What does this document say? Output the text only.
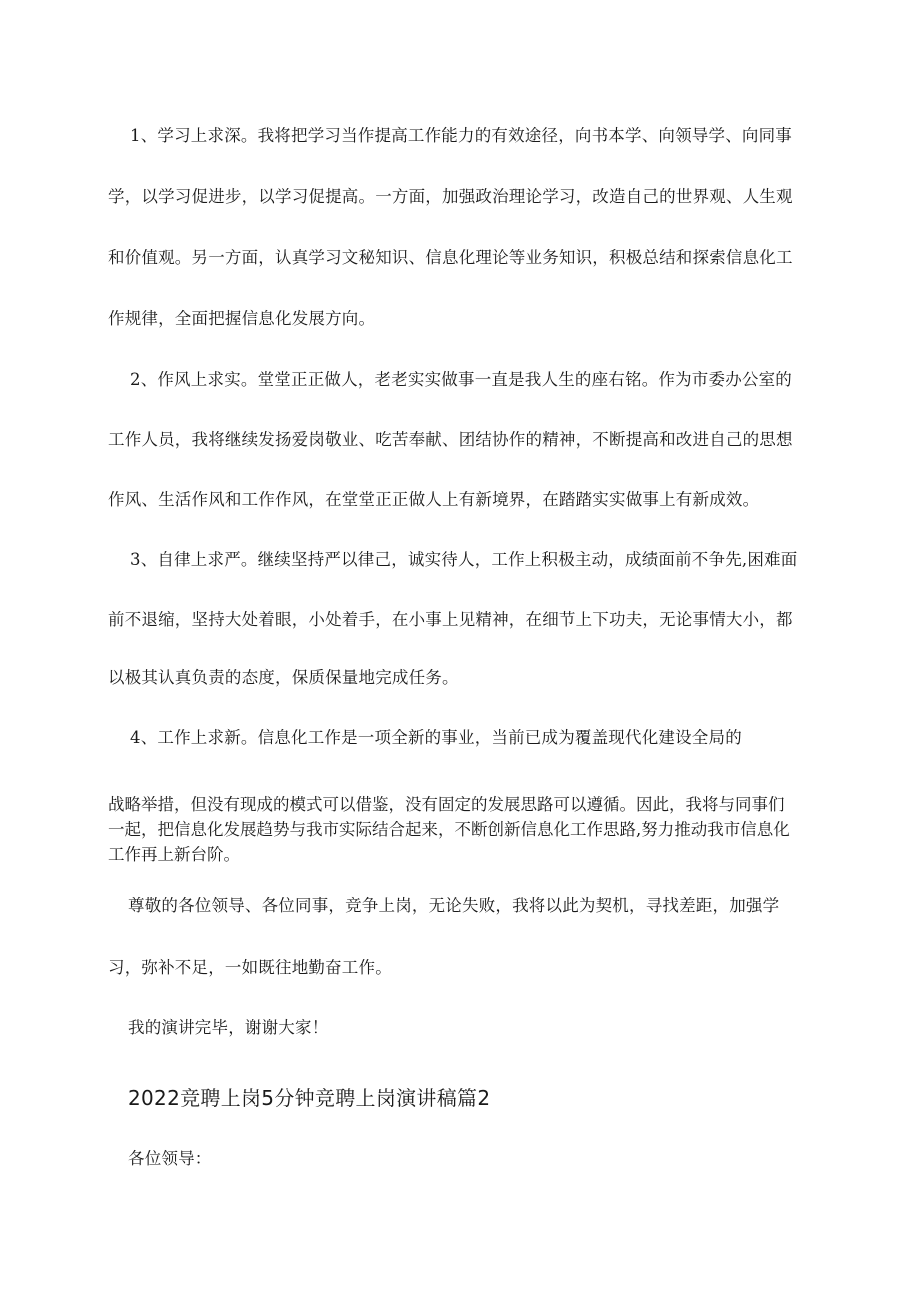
1、学习上求深。我将把学习当作提高工作能力的有效途径，向书本学、向领导学、向同事
学，以学习促进步，以学习促提高。一方面，加强政治理论学习，改造自己的世界观、人生观
和价值观。另一方面，认真学习文秘知识、信息化理论等业务知识，积极总结和探索信息化工
作规律，全面把握信息化发展方向。
2、作风上求实。堂堂正正做人，老老实实做事一直是我人生的座右铭。作为市委办公室的
工作人员，我将继续发扬爱岗敬业、吃苦奉献、团结协作的精神，不断提高和改进自己的思想
作风、生活作风和工作作风，在堂堂正正做人上有新境界，在踏踏实实做事上有新成效。
3、自律上求严。继续坚持严以律己，诚实待人，工作上积极主动，成绩面前不争先,困难面
前不退缩，坚持大处着眼，小处着手，在小事上见精神，在细节上下功夫，无论事情大小，都
以极其认真负责的态度，保质保量地完成任务。
4、工作上求新。信息化工作是一项全新的事业，当前已成为覆盖现代化建设全局的
战略举措，但没有现成的模式可以借鉴，没有固定的发展思路可以遵循。因此，我将与同事们
一起，把信息化发展趋势与我市实际结合起来，不断创新信息化工作思路,努力推动我市信息化
工作再上新台阶。
尊敬的各位领导、各位同事，竞争上岗，无论失败，我将以此为契机，寻找差距，加强学
习，弥补不足，一如既往地勤奋工作。
我的演讲完毕，谢谢大家！
2022竞聘上岗5分钟竞聘上岗演讲稿篇2
各位领导：
